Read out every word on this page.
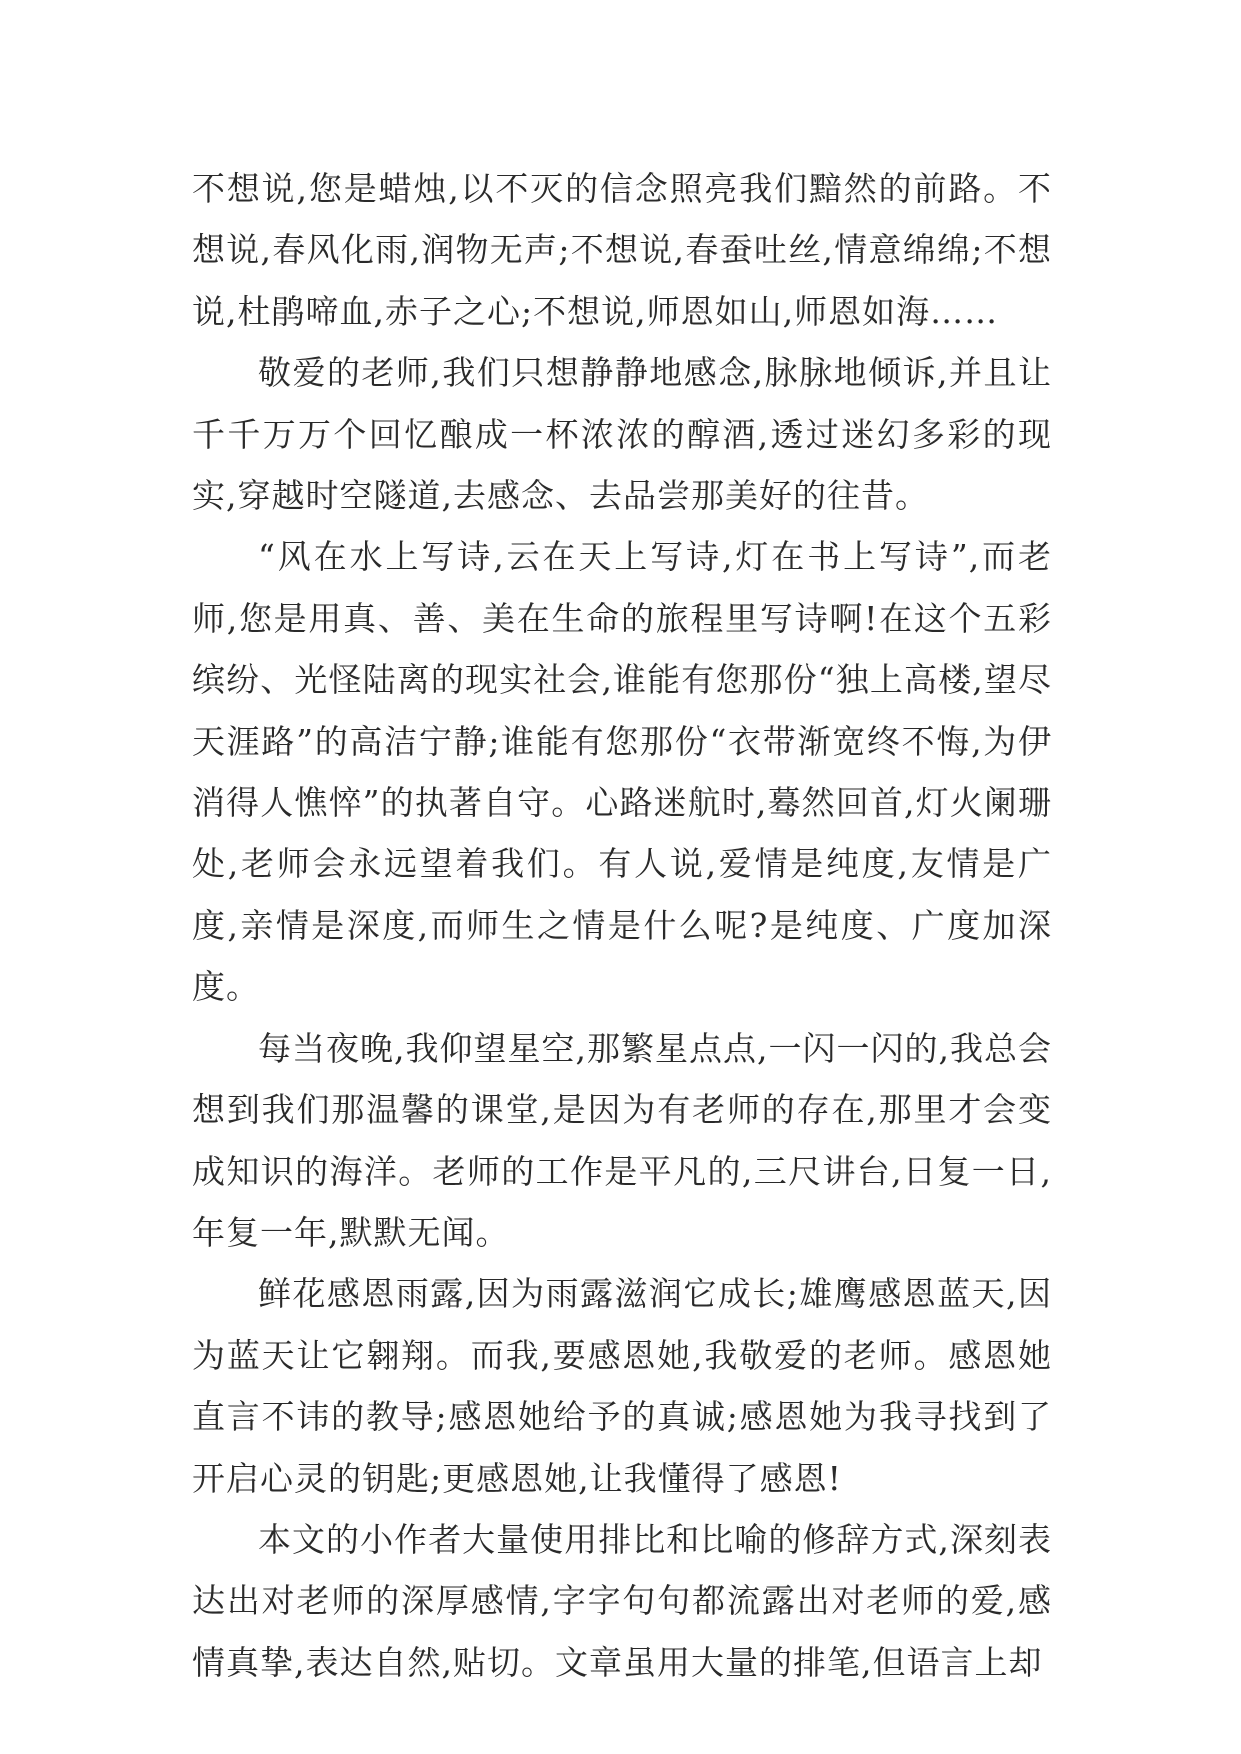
不想说,您是蜡烛,以不灭的信念照亮我们黯然的前路。不想说,春风化雨,润物无声;不想说,春蚕吐丝,情意绵绵;不想说,杜鹃啼血,赤子之心;不想说,师恩如山,师恩如海……

敬爱的老师,我们只想静静地感念,脉脉地倾诉,并且让千千万万个回忆酿成一杯浓浓的醇酒,透过迷幻多彩的现实,穿越时空隧道,去感念、去品尝那美好的往昔。

“风在水上写诗,云在天上写诗,灯在书上写诗”,而老师,您是用真、善、美在生命的旅程里写诗啊!在这个五彩缤纷、光怪陆离的现实社会,谁能有您那份“独上高楼,望尽天涯路”的高洁宁静;谁能有您那份“衣带渐宽终不悔,为伊消得人憔悴”的执著自守。心路迷航时,蓦然回首,灯火阑珊处,老师会永远望着我们。有人说,爱情是纯度,友情是广度,亲情是深度,而师生之情是什么呢?是纯度、广度加深度。

每当夜晚,我仰望星空,那繁星点点,一闪一闪的,我总会想到我们那温馨的课堂,是因为有老师的存在,那里才会变成知识的海洋。老师的工作是平凡的,三尺讲台,日复一日,年复一年,默默无闻。

鲜花感恩雨露,因为雨露滋润它成长;雄鹰感恩蓝天,因为蓝天让它翱翔。而我,要感恩她,我敬爱的老师。感恩她直言不讳的教导;感恩她给予的真诚;感恩她为我寻找到了开启心灵的钥匙;更感恩她,让我懂得了感恩!

本文的小作者大量使用排比和比喻的修辞方式,深刻表达出对老师的深厚感情,字字句句都流露出对老师的爱,感情真挚,表达自然,贴切。文章虽用大量的排笔,但语言上却
